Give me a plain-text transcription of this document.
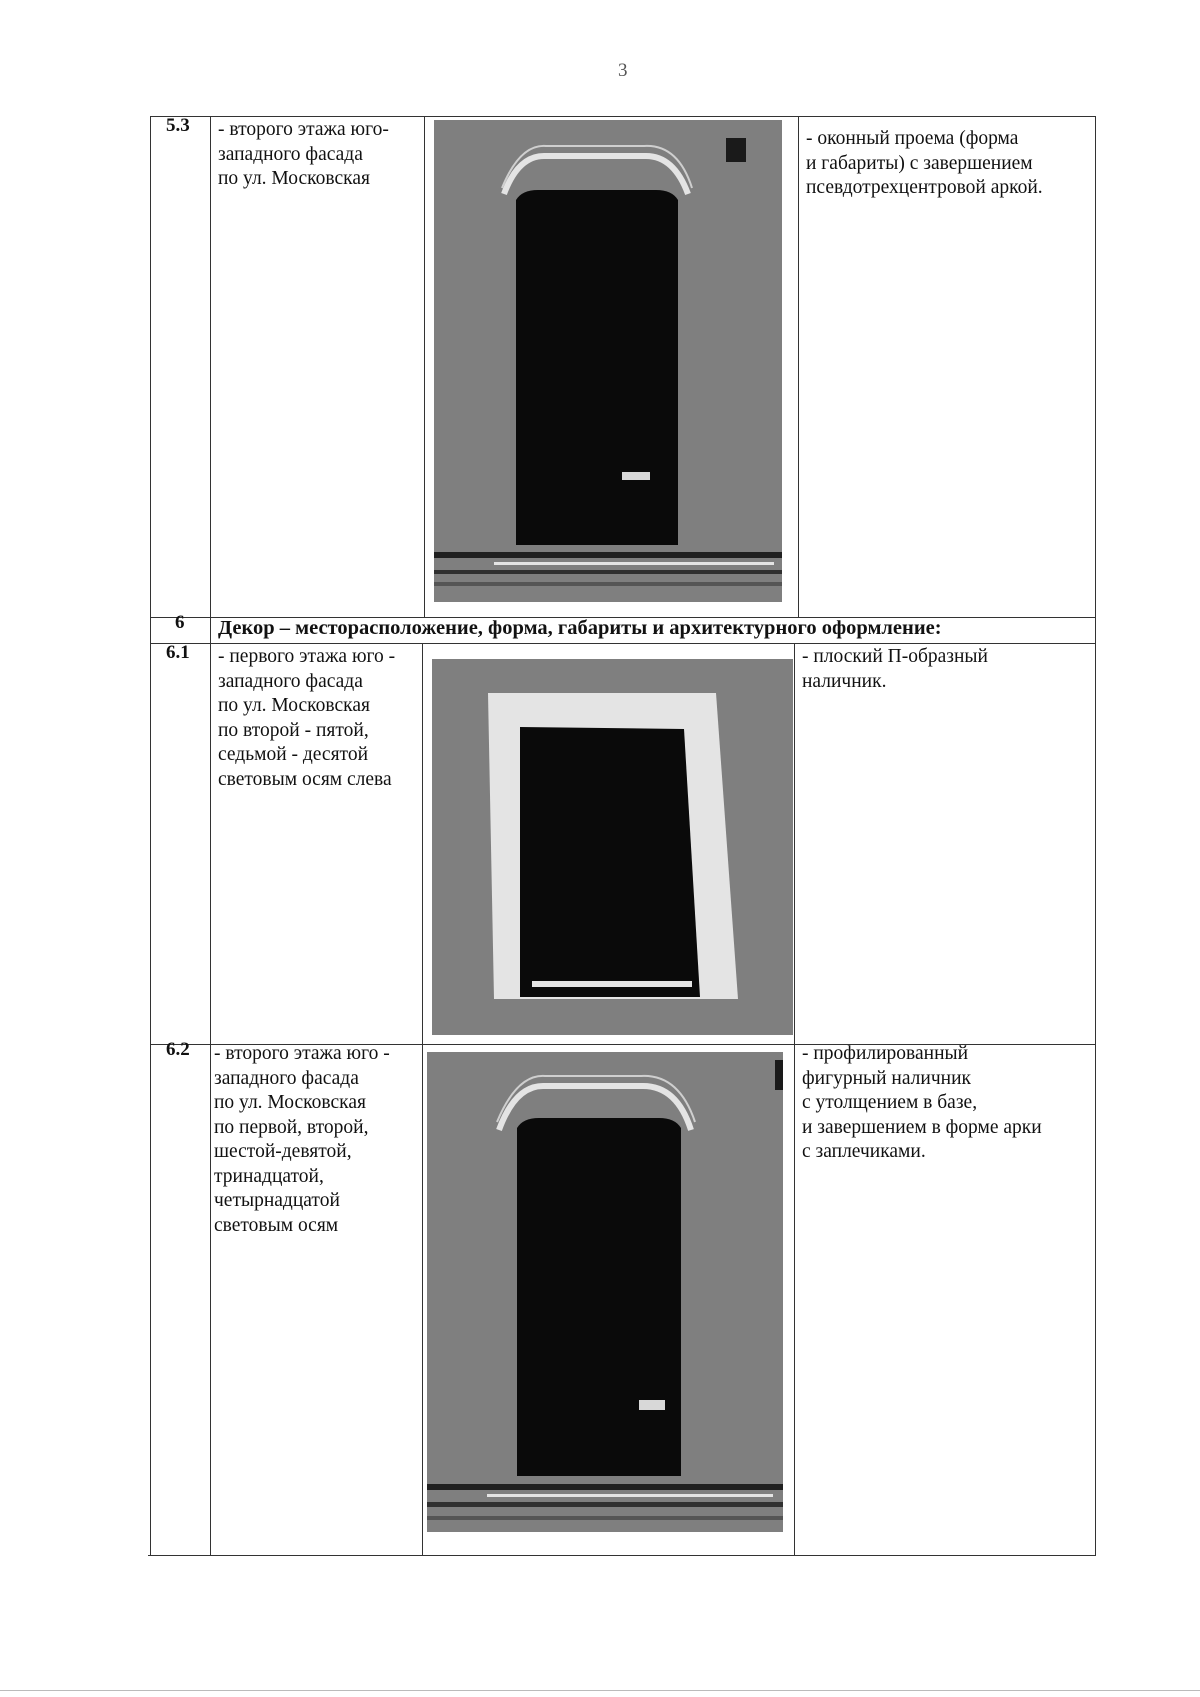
3
5.3 - второго этажа юго-
западного фасада
по ул. Московская
- оконный проема (форма
и габариты) с завершением
псевдотрехцентровой аркой.
6 Декор – месторасположение, форма, габариты и архитектурного оформление:
6.1 - первого этажа юго -
западного фасада
по ул. Московская
по второй - пятой,
седьмой - десятой
световым осям слева
- плоский П-образный
наличник.
6.2 - второго этажа юго -
западного фасада
по ул. Московская
по первой, второй,
шестой-девятой,
тринадцатой,
четырнадцатой
световым осям
- профилированный
фигурный наличник
с утолщением в базе,
и завершением в форме арки
с заплечиками.
